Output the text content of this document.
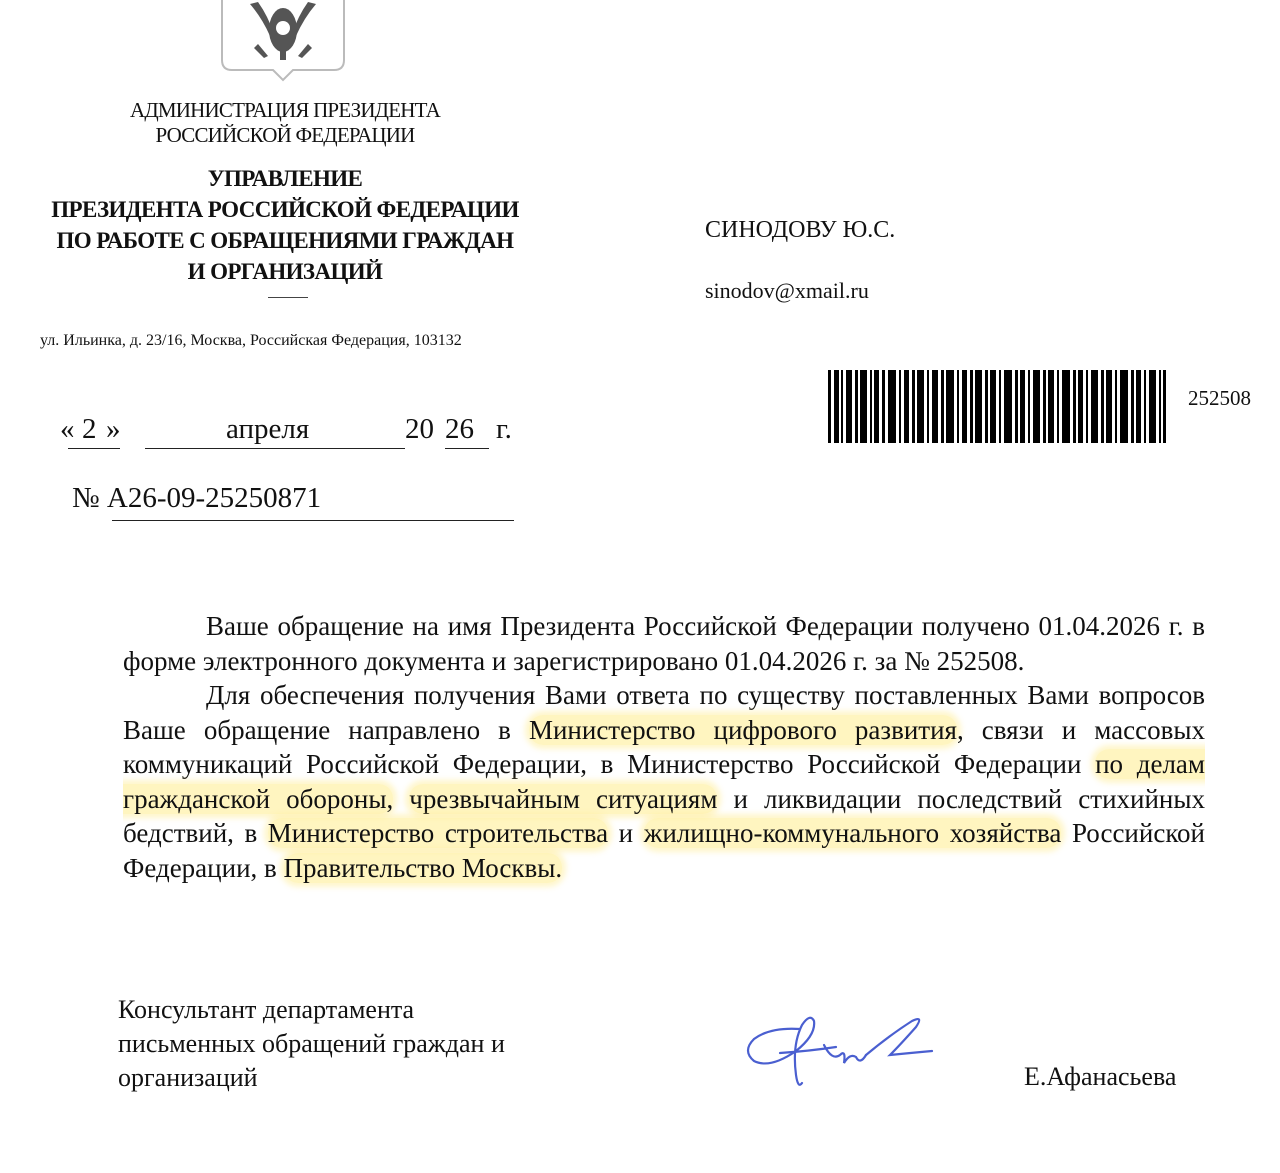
АДМИНИСТРАЦИЯ ПРЕЗИДЕНТА
РОССИЙСКОЙ ФЕДЕРАЦИИ
УПРАВЛЕНИЕ
ПРЕЗИДЕНТА РОССИЙСКОЙ ФЕДЕРАЦИИ
ПО РАБОТЕ С ОБРАЩЕНИЯМИ ГРАЖДАН
И ОРГАНИЗАЦИЙ
ул. Ильинка, д. 23/16, Москва, Российская Федерация, 103132
СИНОДОВУ Ю.С.
sinodov@xmail.ru
252508
« 2 »	апреля	20 26 г.
№ А26-09-25250871

Ваше обращение на имя Президента Российской Федерации получено 01.04.2026 г. в форме электронного документа и зарегистрировано 01.04.2026 г. за № 252508.

Для обеспечения получения Вами ответа по существу поставленных Вами вопросов Ваше обращение направлено в Министерство цифрового развития, связи и массовых коммуникаций Российской Федерации, в Министерство Российской Федерации по делам гражданской обороны, чрезвычайным ситуациям и ликвидации последствий стихийных бедствий, в Министерство строительства и жилищно-коммунального хозяйства Российской Федерации, в Правительство Москвы.

Консультант департамента
письменных обращений граждан и
организаций	Е.Афанасьева
